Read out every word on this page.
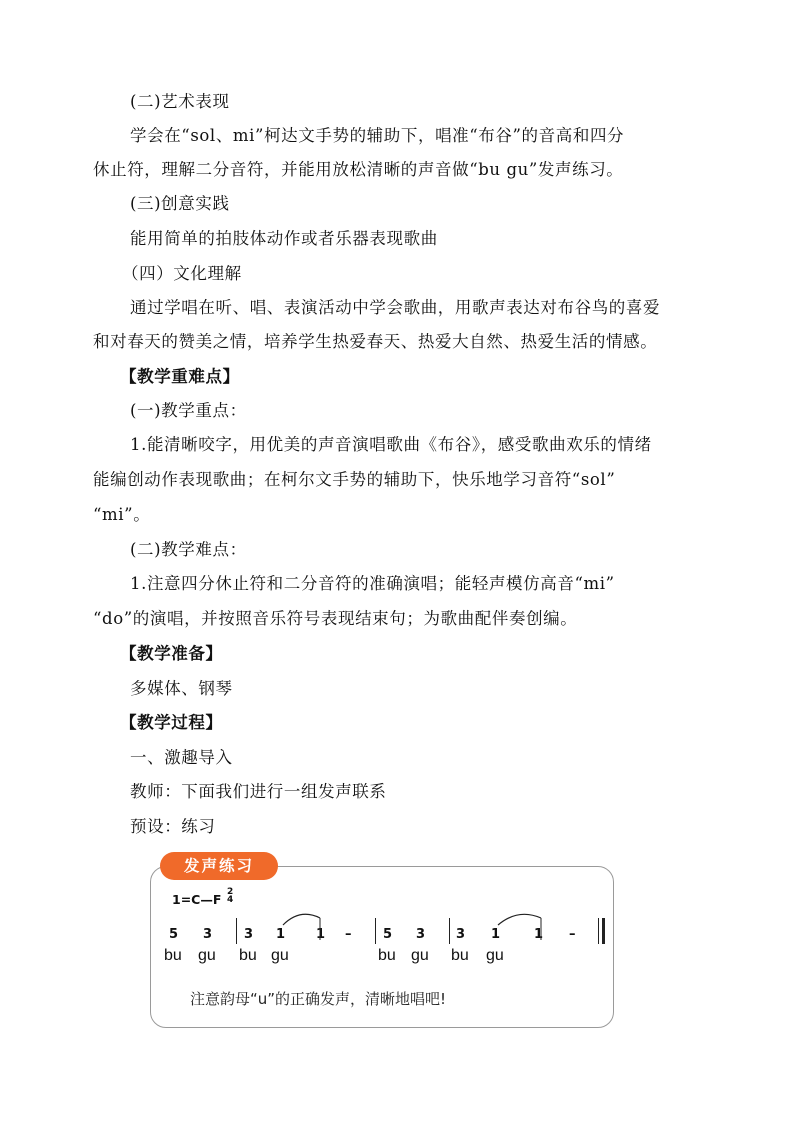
(二)艺术表现
学会在“sol、mi”柯达文手势的辅助下，唱准“布谷”的音高和四分
休止符，理解二分音符，并能用放松清晰的声音做“bu gu”发声练习。
(三)创意实践
能用简单的拍肢体动作或者乐器表现歌曲
（四）文化理解
通过学唱在听、唱、表演活动中学会歌曲，用歌声表达对布谷鸟的喜爱
和对春天的赞美之情，培养学生热爱春天、热爱大自然、热爱生活的情感。
【教学重难点】
(一)教学重点：
1.能清晰咬字，用优美的声音演唱歌曲《布谷》，感受歌曲欢乐的情绪
能编创动作表现歌曲；在柯尔文手势的辅助下，快乐地学习音符“sol”
“mi”。
(二)教学难点：
1.注意四分休止符和二分音符的准确演唱；能轻声模仿高音“mi”
“do”的演唱，并按照音乐符号表现结束句；为歌曲配伴奏创编。
【教学准备】
多媒体、钢琴
【教学过程】
一、激趣导入
教师：下面我们进行一组发声联系
预设：练习
发声练习
1=C—F 2
4
5 3 3 1 1 – 5 3 3 1	1 –
bu gu bu gu	bu gu bu gu
注意韵母“u”的正确发声，清晰地唱吧!
